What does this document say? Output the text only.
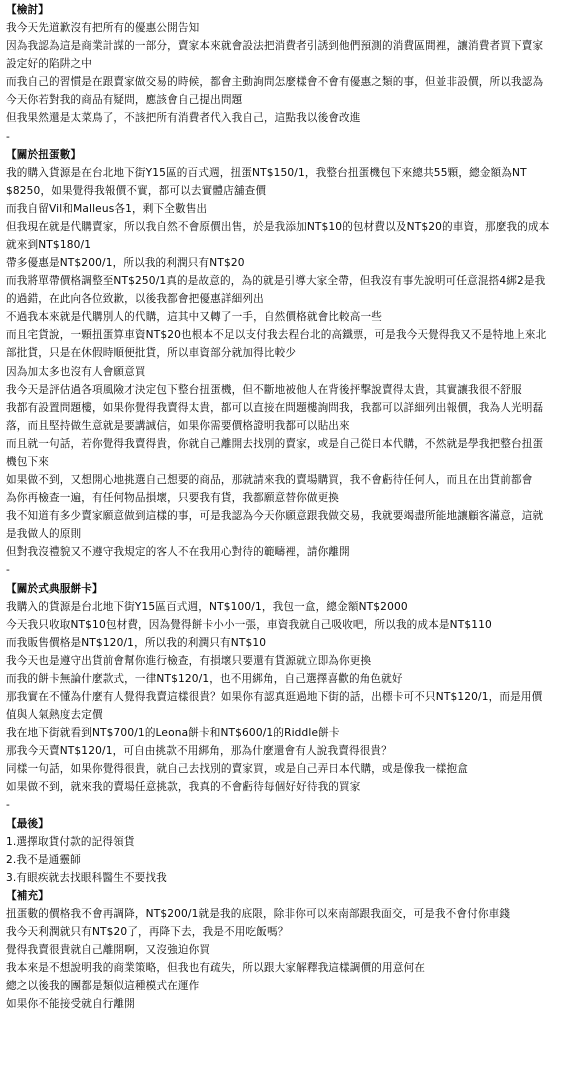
【檢討】
我今天先道歉沒有把所有的優惠公開告知
因為我認為這是商業計謀的一部分，賣家本來就會設法把消費者引誘到他們預測的消費區間裡，讓消費者買下賣家
設定好的陷阱之中
而我自己的習慣是在跟賣家做交易的時候，都會主動詢問怎麼樣會不會有優惠之類的事，但並非設價，所以我認為
今天你若對我的商品有疑問，應該會自己提出問題
但我果然還是太菜鳥了，不該把所有消費者代入我自己，這點我以後會改進
-
【關於扭蛋數】
我的購入貨源是在台北地下街Y15區的百式週，扭蛋NT$150/1，我整台扭蛋機包下來總共55顆，總金額為NT
$8250，如果覺得我報價不實，都可以去實體店舖查價
而我自留Vil和Malleus各1，剩下全數售出
但我現在就是代購賣家，所以我自然不會原價出售，於是我添加NT$10的包材費以及NT$20的車資，那麼我的成本
就來到NT$180/1
帶多優惠是NT$200/1，所以我的利潤只有NT$20
而我將單帶價格調整至NT$250/1真的是故意的，為的就是引導大家全帶，但我沒有事先說明可任意混搭4綁2是我
的過錯，在此向各位致歉，以後我都會把優惠詳細列出
不過我本來就是代購別人的代購，這其中又轉了一手，自然價格就會比較高一些
而且宅貨說，一顆扭蛋算車資NT$20也根本不足以支付我去程台北的高鐵票，可是我今天覺得我又不是特地上來北
部批貨，只是在休假時順便批貨，所以車資部分就加得比較少
因為加太多也沒有人會願意買
我今天是評估過各項風險才決定包下整台扭蛋機，但不斷地被他人在背後抨擊說賣得太貴，其實讓我很不舒服
我都有設置問題樓，如果你覺得我賣得太貴，都可以直接在問題樓詢問我，我都可以詳細列出報價，我為人光明磊
落，而且堅持做生意就是要講誠信，如果你需要價格證明我都可以貼出來
而且就一句話，若你覺得我賣得貴，你就自己離開去找別的賣家，或是自己從日本代購，不然就是學我把整台扭蛋
機包下來
如果做不到，又想開心地挑選自己想要的商品，那就請來我的賣場購買，我不會虧待任何人，而且在出貨前都會
為你再檢查一遍，有任何物品損壞，只要我有貨，我都願意替你做更換
我不知道有多少賣家願意做到這樣的事，可是我認為今天你願意跟我做交易，我就要竭盡所能地讓顧客滿意，這就
是我做人的原則
但對我沒禮貌又不遵守我規定的客人不在我用心對待的範疇裡，請你離開
-
【關於式典服餅卡】
我購入的貨源是台北地下街Y15區百式週，NT$100/1，我包一盒，總金額NT$2000
今天我只收取NT$10包材費，因為覺得餅卡小小一張，車資我就自己吸收吧，所以我的成本是NT$110
而我販售價格是NT$120/1，所以我的利潤只有NT$10
我今天也是遵守出貨前會幫你進行檢查，有損壞只要還有貨源就立即為你更換
而我的餅卡無論什麼款式，一律NT$120/1，也不用綁角，自己選擇喜歡的角色就好
那我實在不懂為什麼有人覺得我賣這樣很貴？如果你有認真逛過地下街的話，出標卡可不只NT$120/1，而是用價
值與人氣熱度去定價
我在地下街就看到NT$700/1的Leona餅卡和NT$600/1的Riddle餅卡
那我今天賣NT$120/1，可自由挑款不用綁角，那為什麼還會有人說我賣得很貴？
同樣一句話，如果你覺得很貴，就自己去找別的賣家買，或是自己弄日本代購，或是像我一樣抱盒
如果做不到，就來我的賣場任意挑款，我真的不會虧待每個好好待我的買家
-
【最後】
1.選擇取貨付款的記得領貨
2.我不是通靈師
3.有眼疾就去找眼科醫生不要找我
【補充】
扭蛋數的價格我不會再調降，NT$200/1就是我的底限，除非你可以來南部跟我面交，可是我不會付你車錢
我今天利潤就只有NT$20了，再降下去，我是不用吃飯嗎？
覺得我賣很貴就自己離開啊，又沒強迫你買
我本來是不想說明我的商業策略，但我也有疏失，所以跟大家解釋我這樣調價的用意何在
總之以後我的團都是類似這種模式在運作
如果你不能接受就自行離開
